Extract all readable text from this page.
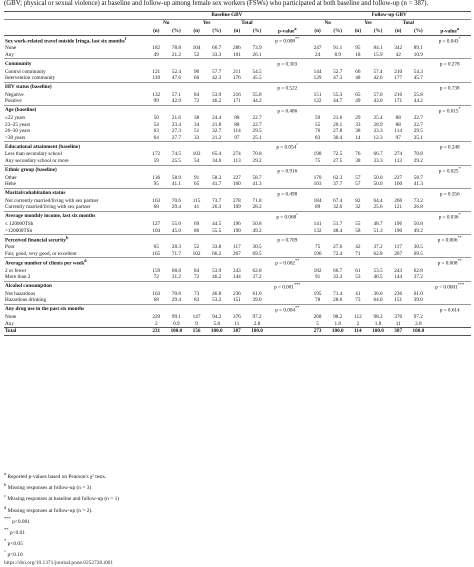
(GBV; physical or sexual violence) at baseline and follow-up among female sex workers (FSWs) who participated at both baseline and follow-up (n = 387).
	Baseline GBV							Follow-up GBV						
	No		Yes		Total			No		Yes		Total		
	(n)	(%)	(n)	(%)	(n)	(%)	p-value$^a$	(n)	(%)	(n)	(%)	(n)	(%)	p-value$^a$
Sex work-related travel outside Iringa, last six months$^f$							p = 0.008**							p = 0.043*
None	182	78.8	104	66.7	286	73.9		247	91.1	95	84.1	342	89.1	
Any	49	21.2	52	33.3	101	26.1		24	8.9	18	15.9	42	10.9	
Community							p = 0.303							p = 0.278
Control community	121	52.4	90	57.7	211	54.5		144	52.7	66	57.4	210	54.3	
Intervention community	110	47.6	66	42.3	176	45.5		129	47.3	48	42.6	177	45.7	
HIV status (baseline)							p = 0.522							p = 0.738
Negative	132	57.1	84	53.9	216	55.8		151	55.3	65	57.0	216	55.8	
Positive	99	42.9	72	46.2	171	44.2		122	44.7	49	43.0	171	44.2	
Age (baseline)							p = 0.486							p = 0.015*
≤22 years	50	21.6	38	24.4	88	22.7		59	21.6	29	25.4	88	22.7	
23–25 years	54	23.4	34	21.8	88	22.7		55	20.1	33	28.9	88	22.7	
26–30 years	63	27.3	51	32.7	114	29.5		76	27.8	38	33.3	114	29.5	
>30 years	64	27.7	33	21.2	97	25.1		83	30.4	14	12.3	97	25.1	
Educational attainment (baseline)							p = 0.054^							p = 0.248
Less than secondary school	172	74.5	102	65.4	274	70.8		198	72.5	76	66.7	274	70.8	
Any secondary school or more	59	25.5	54	34.6	113	29.2		75	27.5	38	33.3	113	29.2	
Ethnic group (baseline)							p = 0.916							p = 0.025*
Other	136	58.9	91	58.3	227	58.7		170	62.3	57	50.0	227	58.7	
Hehe	95	41.1	65	41.7	160	41.3		103	37.7	57	50.0	160	41.3	
Marital/cohabitation status							p = 0.498							p = 0.356
Not currently married/living with sex partner	163	70.6	115	73.7	278	71.8		184	67.4	82	64.4	266	73.2	
Currently married/living with sex partner	68	29.4	41	26.3	109	28.2		89	32.6	32	25.6	121	26.8	
Average monthly income, last six months							p = 0.068^							p = 0.036*
≤ 120000TSh	127	55.0	69	44.5	196	50.8		141	51.7	55	48.7	196	50.8	
>120000TSh	104	45.0	86	55.5	190	49.2		132	48.4	58	51.3	190	49.2	
Perceived financial security$^b$							p = 0.709							p = 0.006**
Poor	65	28.3	52	33.8	117	30.5		75	27.6	42	37.2	117	30.5	
Fair, good, very good, or excellent	165	71.7	102	66.2	267	69.5		196	72.4	71	62.8	267	69.5	
Average number of clients per week$^d$							p = 0.002**							p = 0.008**
2 or fewer	159	68.8	84	53.9	243	62.8		182	66.7	61	53.5	243	62.8	
More than 2	72	31.2	72	46.2	144	37.2		91	33.3	53	46.5	144	37.2	
Alcohol consumption							p < 0.001***							p < 0.0001***
Not hazardous	163	70.6	73	46.8	236	61.0		195	71.4	41	36.0	236	61.0	
Hazardous drinking	68	29.4	83	53.2	151	39.0		78	28.6	73	64.0	151	39.0	
Any drug use in the past six months							p = 0.004**							p = 0.614
None	229	99.1	147	94.2	376	97.2		268	98.2	112	98.3	376	97.2	
Any	2	0.9	9	5.8	11	2.8		5	1.8	2	1.8	11	2.8	
Total	231	100.0	156	100.0	387	100.0		273	100.0	114	100.0	387	100.0	
$^a$ Reported p-values based on Pearson's χ² tests.
$^b$ Missing responses at follow-up (n = 3)
$^c$ Missing responses at baseline and follow-up (n = 1)
$^d$ Missing responses at follow-up (n = 2).
*** p<0.001
** p<0.01
* p<0.05
^ p<0.10
https://doi.org/10.1371/journal.pone.0252728.t001
